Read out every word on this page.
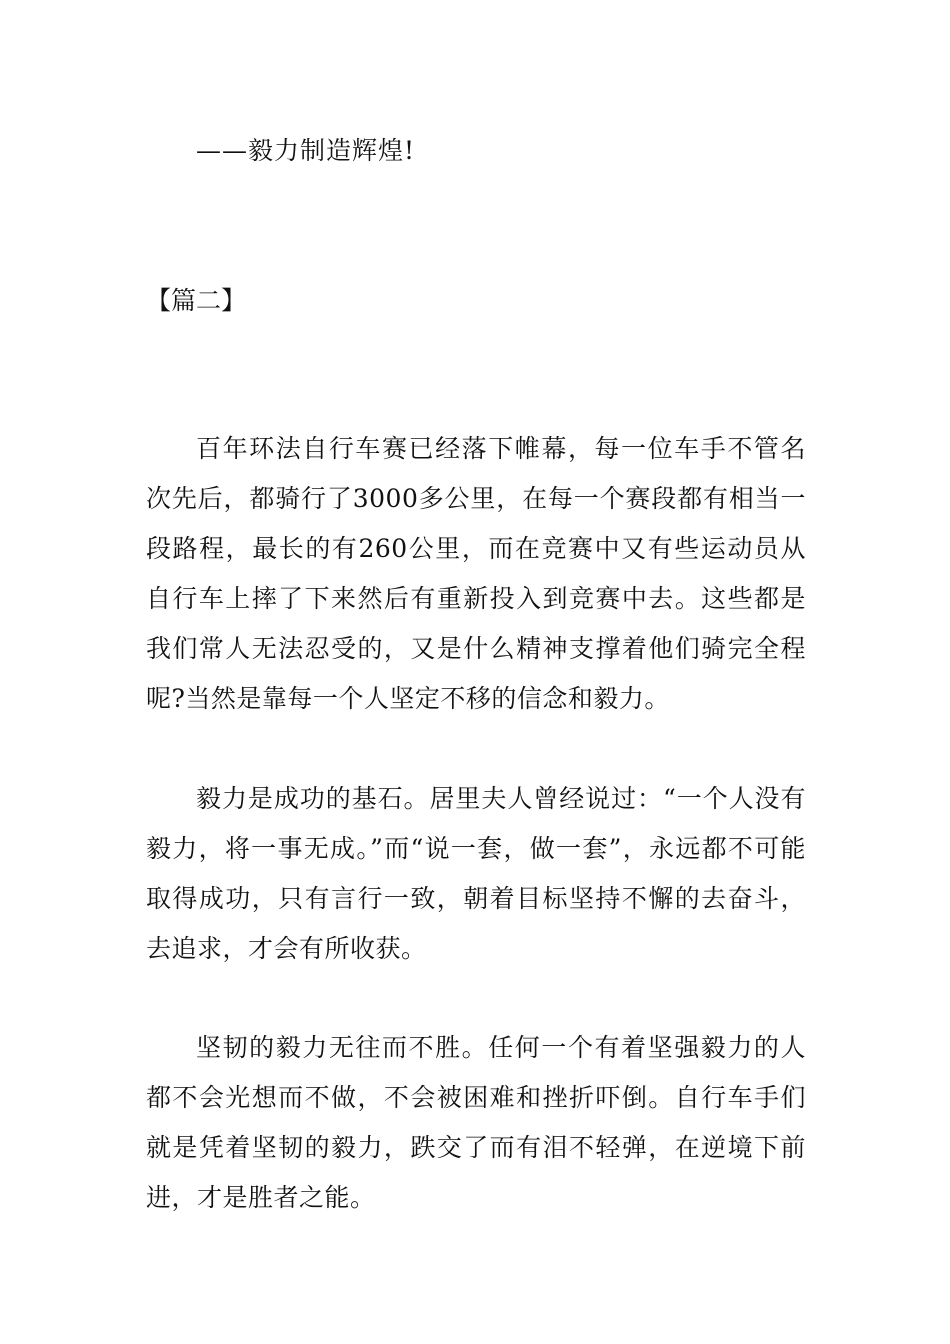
——毅力制造辉煌!
【篇二】

百年环法自行车赛已经落下帷幕，每一位车手不管名次先后，都骑行了3000多公里，在每一个赛段都有相当一段路程，最长的有260公里，而在竞赛中又有些运动员从自行车上摔了下来然后有重新投入到竞赛中去。这些都是我们常人无法忍受的，又是什么精神支撑着他们骑完全程呢?当然是靠每一个人坚定不移的信念和毅力。

毅力是成功的基石。居里夫人曾经说过：“一个人没有毅力，将一事无成。”而“说一套，做一套”，永远都不可能取得成功，只有言行一致，朝着目标坚持不懈的去奋斗，去追求，才会有所收获。

坚韧的毅力无往而不胜。任何一个有着坚强毅力的人都不会光想而不做，不会被困难和挫折吓倒。自行车手们就是凭着坚韧的毅力，跌交了而有泪不轻弹，在逆境下前进，才是胜者之能。
